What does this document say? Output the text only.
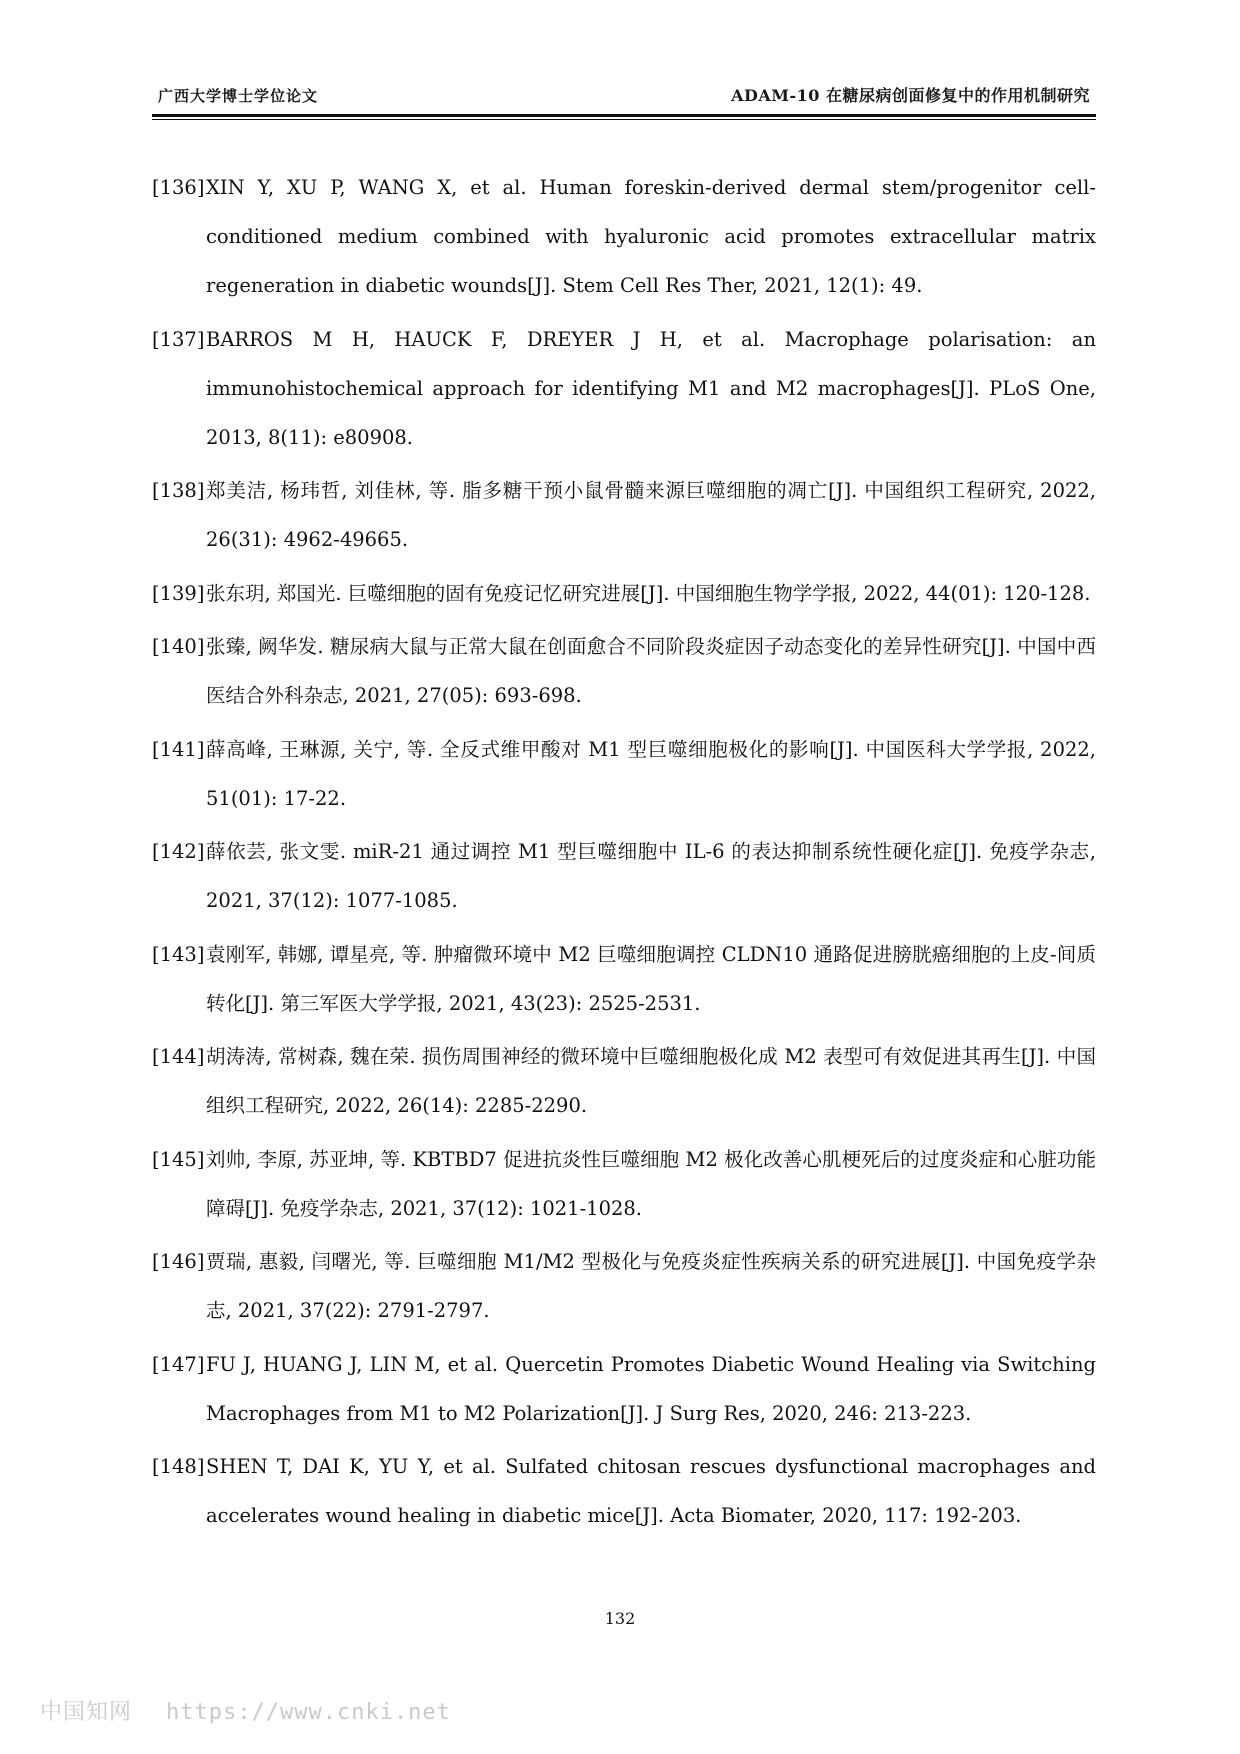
广西大学博士学位论文	ADAM-10 在糖尿病创面修复中的作用机制研究
[136] XIN Y, XU P, WANG X, et al. Human foreskin-derived dermal stem/progenitor cell-conditioned medium combined with hyaluronic acid promotes extracellular matrix regeneration in diabetic wounds[J]. Stem Cell Res Ther, 2021, 12(1): 49.
[137] BARROS M H, HAUCK F, DREYER J H, et al. Macrophage polarisation: an immunohistochemical approach for identifying M1 and M2 macrophages[J]. PLoS One, 2013, 8(11): e80908.
[138] 郑美洁, 杨玮哲, 刘佳林, 等. 脂多糖干预小鼠骨髓来源巨噬细胞的凋亡[J]. 中国组织工程研究, 2022, 26(31): 4962-49665.
[139] 张东玥, 郑国光. 巨噬细胞的固有免疫记忆研究进展[J]. 中国细胞生物学学报, 2022, 44(01): 120-128.
[140] 张臻, 阙华发. 糖尿病大鼠与正常大鼠在创面愈合不同阶段炎症因子动态变化的差异性研究[J]. 中国中西医结合外科杂志, 2021, 27(05): 693-698.
[141] 薛高峰, 王琳源, 关宁, 等. 全反式维甲酸对 M1 型巨噬细胞极化的影响[J]. 中国医科大学学报, 2022, 51(01): 17-22.
[142] 薛依芸, 张文雯. miR-21 通过调控 M1 型巨噬细胞中 IL-6 的表达抑制系统性硬化症[J]. 免疫学杂志, 2021, 37(12): 1077-1085.
[143] 袁刚军, 韩娜, 谭星亮, 等. 肿瘤微环境中 M2 巨噬细胞调控 CLDN10 通路促进膀胱癌细胞的上皮-间质转化[J]. 第三军医大学学报, 2021, 43(23): 2525-2531.
[144] 胡涛涛, 常树森, 魏在荣. 损伤周围神经的微环境中巨噬细胞极化成 M2 表型可有效促进其再生[J]. 中国组织工程研究, 2022, 26(14): 2285-2290.
[145] 刘帅, 李原, 苏亚坤, 等. KBTBD7 促进抗炎性巨噬细胞 M2 极化改善心肌梗死后的过度炎症和心脏功能障碍[J]. 免疫学杂志, 2021, 37(12): 1021-1028.
[146] 贾瑞, 惠毅, 闫曙光, 等. 巨噬细胞 M1/M2 型极化与免疫炎症性疾病关系的研究进展[J]. 中国免疫学杂志, 2021, 37(22): 2791-2797.
[147] FU J, HUANG J, LIN M, et al. Quercetin Promotes Diabetic Wound Healing via Switching Macrophages from M1 to M2 Polarization[J]. J Surg Res, 2020, 246: 213-223.
[148] SHEN T, DAI K, YU Y, et al. Sulfated chitosan rescues dysfunctional macrophages and accelerates wound healing in diabetic mice[J]. Acta Biomater, 2020, 117: 192-203.
132
中国知网 https://www.cnki.net
